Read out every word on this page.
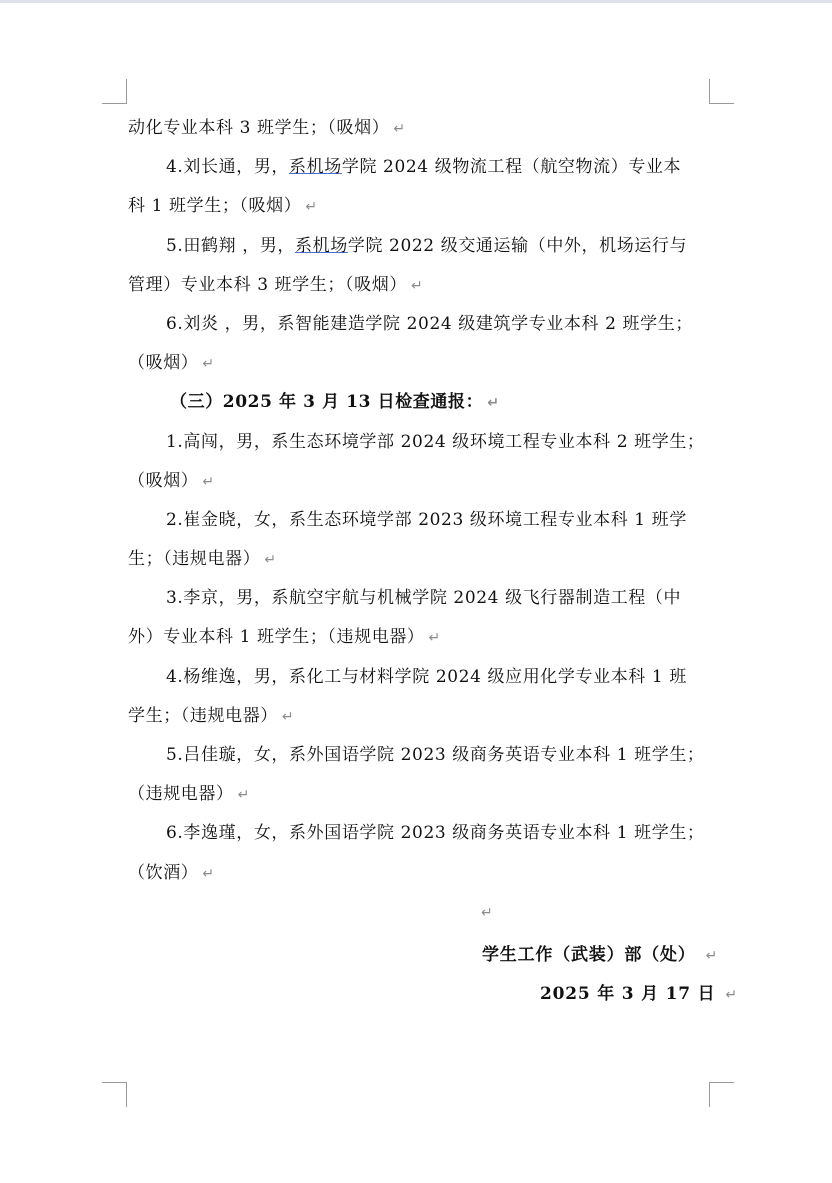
动化专业本科 3 班学生；（吸烟） ↵
4.刘长通，男，系机场学院 2024 级物流工程（航空物流）专业本
科 1 班学生；（吸烟） ↵
5.田鹤翔 ，男，系机场学院 2022 级交通运输（中外，机场运行与
管理）专业本科 3 班学生；（吸烟） ↵
6.刘炎 ，男，系智能建造学院 2024 级建筑学专业本科 2 班学生；
（吸烟） ↵
（三）2025 年 3 月 13 日检查通报： ↵
1.高闯，男，系生态环境学部 2024 级环境工程专业本科 2 班学生；
（吸烟） ↵
2.崔金晓，女，系生态环境学部 2023 级环境工程专业本科 1 班学
生；（违规电器） ↵
3.李京，男，系航空宇航与机械学院 2024 级飞行器制造工程（中
外）专业本科 1 班学生；（违规电器） ↵
4.杨维逸，男，系化工与材料学院 2024 级应用化学专业本科 1 班
学生；（违规电器） ↵
5.吕佳璇，女，系外国语学院 2023 级商务英语专业本科 1 班学生；
（违规电器） ↵
6.李逸瑾，女，系外国语学院 2023 级商务英语专业本科 1 班学生；
（饮酒） ↵
↵
学生工作（武装）部（处） ↵
2025 年 3 月 17 日 ↵
